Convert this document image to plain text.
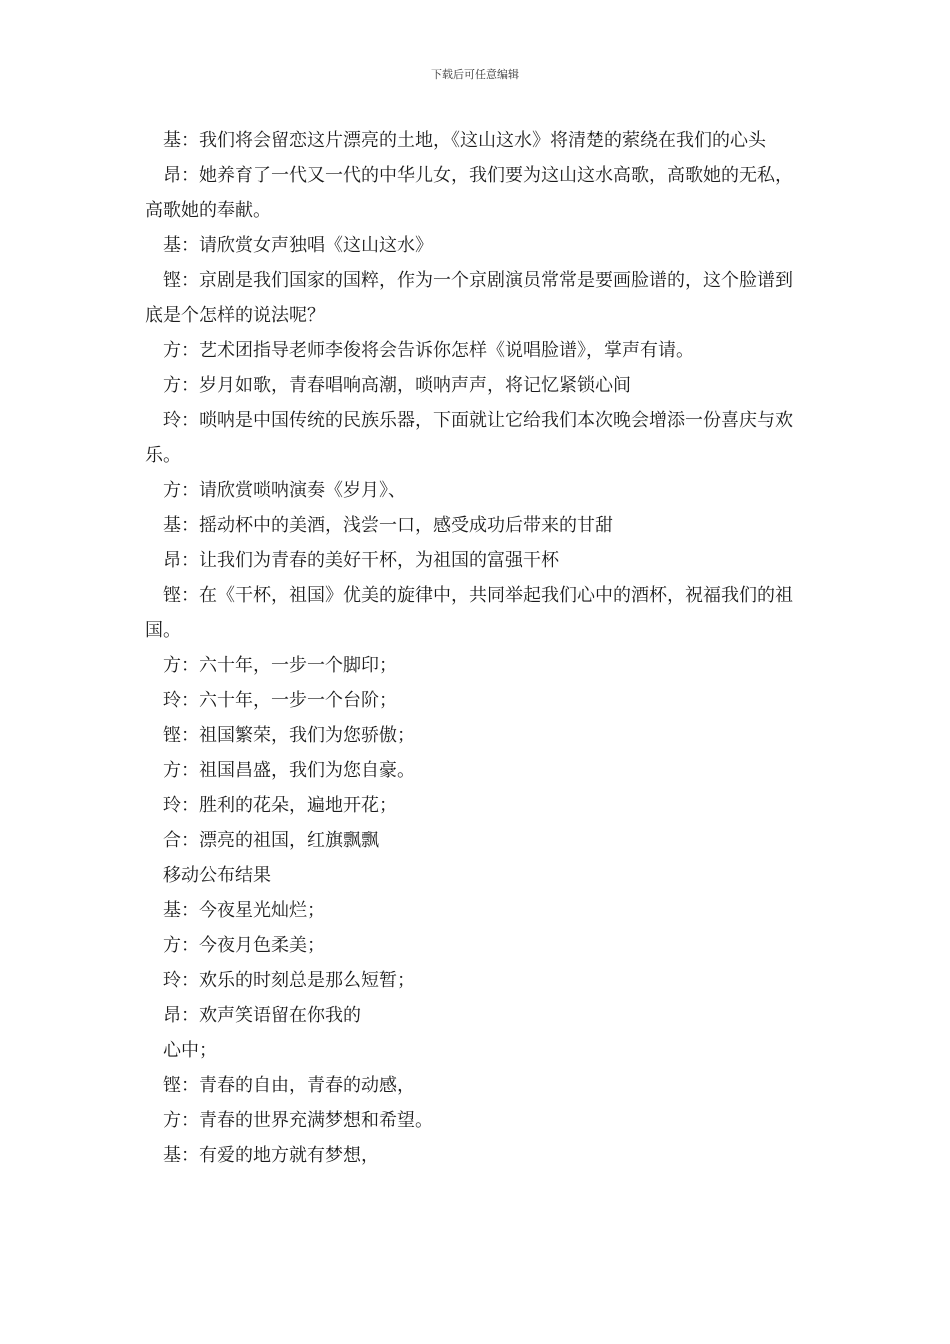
下载后可任意编辑

基：我们将会留恋这片漂亮的土地，《这山这水》将清楚的萦绕在我们的心头

昂：她养育了一代又一代的中华儿女，我们要为这山这水高歌，高歌她的无私，高歌她的奉献。

基：请欣赏女声独唱《这山这水》

铿：京剧是我们国家的国粹，作为一个京剧演员常常是要画脸谱的，这个脸谱到底是个怎样的说法呢？

方：艺术团指导老师李俊将会告诉你怎样《说唱脸谱》，掌声有请。

方：岁月如歌，青春唱响高潮，唢呐声声，将记忆紧锁心间

玲：唢呐是中国传统的民族乐器，下面就让它给我们本次晚会增添一份喜庆与欢乐。

方：请欣赏唢呐演奏《岁月》、

基：摇动杯中的美酒，浅尝一口，感受成功后带来的甘甜

昂：让我们为青春的美好干杯，为祖国的富强干杯

铿：在《干杯，祖国》优美的旋律中，共同举起我们心中的酒杯，祝福我们的祖国。

方：六十年，一步一个脚印；

玲：六十年，一步一个台阶；

铿：祖国繁荣，我们为您骄傲；

方：祖国昌盛，我们为您自豪。

玲：胜利的花朵，遍地开花；

合：漂亮的祖国，红旗飘飘

移动公布结果

基：今夜星光灿烂；

方：今夜月色柔美；

玲：欢乐的时刻总是那么短暂；

昂：欢声笑语留在你我的

心中；

铿：青春的自由，青春的动感，

方：青春的世界充满梦想和希望。

基：有爱的地方就有梦想，
